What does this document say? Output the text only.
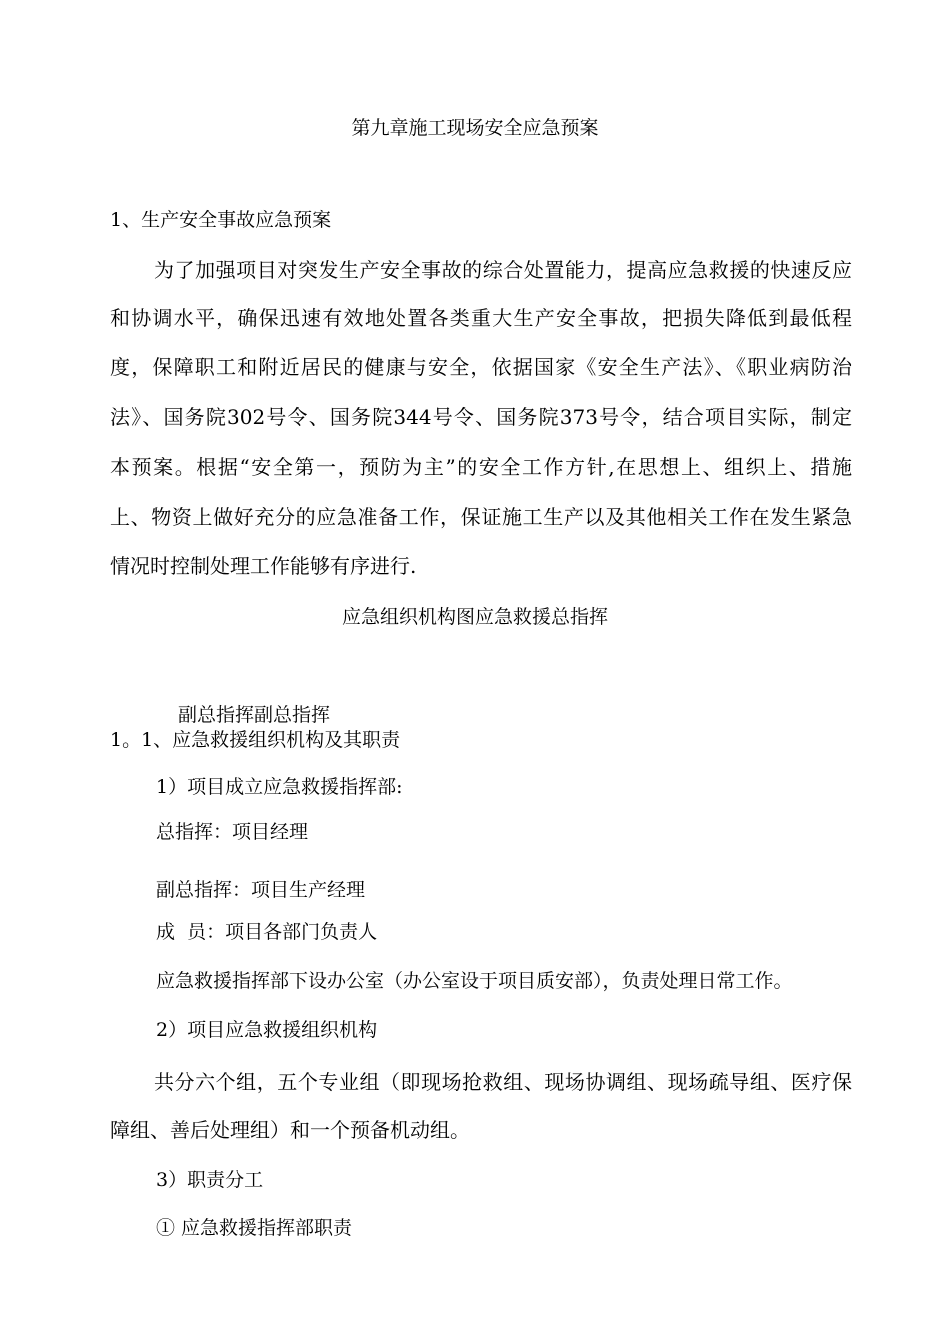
第九章施工现场安全应急预案
1、生产安全事故应急预案
为了加强项目对突发生产安全事故的综合处置能力，提高应急救援的快速反应
和协调水平，确保迅速有效地处置各类重大生产安全事故，把损失降低到最低程
度，保障职工和附近居民的健康与安全，依据国家《安全生产法》、《职业病防治
法》、国务院302号令、国务院344号令、国务院373号令，结合项目实际，制定
本预案。根据“安全第一，预防为主”的安全工作方针,在思想上、组织上、措施
上、物资上做好充分的应急准备工作，保证施工生产以及其他相关工作在发生紧急
情况时控制处理工作能够有序进行.
应急组织机构图应急救援总指挥
副总指挥副总指挥
1。1、应急救援组织机构及其职责
1）项目成立应急救援指挥部:
总指挥：项目经理
副总指挥：项目生产经理
成  员：项目各部门负责人
应急救援指挥部下设办公室（办公室设于项目质安部），负责处理日常工作。
2）项目应急救援组织机构
共分六个组，五个专业组（即现场抢救组、现场协调组、现场疏导组、医疗保
障组、善后处理组）和一个预备机动组。
3）职责分工
① 应急救援指挥部职责
